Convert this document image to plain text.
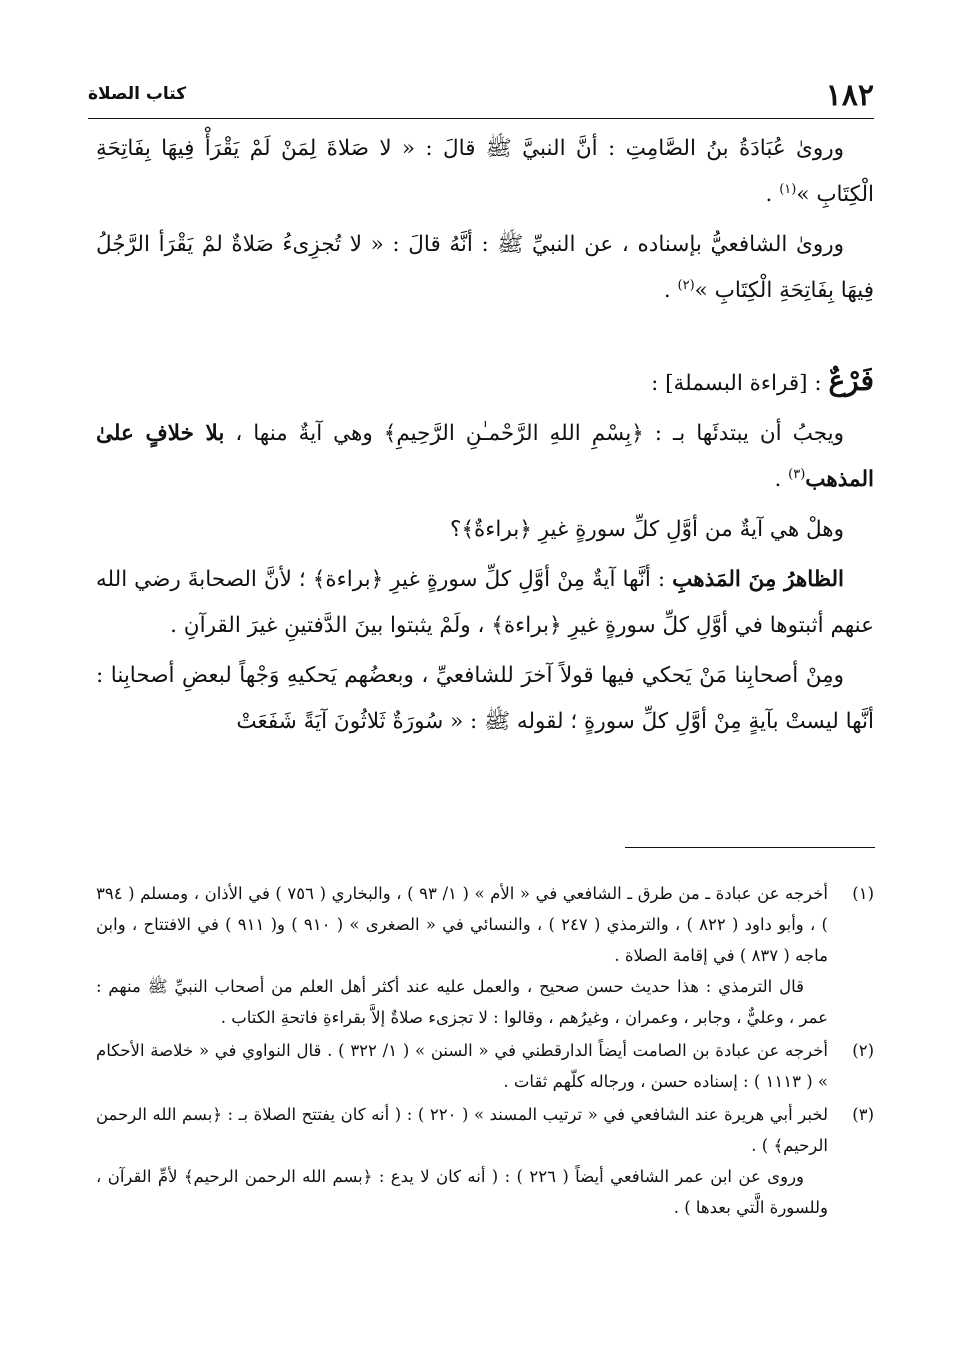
١٨٢
كتاب الصلاة

وروىٰ عُبَادَةُ بنُ الصَّامِتِ : أنَّ النبيَّ ﷺ قالَ : « لا صَلاةَ لِمَنْ لَمْ يَقْرَأْ فِيهَا بِفَاتِحَةِ الْكِتَابِ »$^{(١)}$ .

وروىٰ الشافعيُّ بإسناده ، عن النبيِّ ﷺ : أنَّهُ قالَ : « لا تُجزِىءُ صَلاةٌ لمْ يَقْرَأ الرَّجُلُ فِيهَا بِفَاتِحَةِ الْكِتَابِ »$^{(٢)}$ .

فَرْعٌ : [قراءة البسملة] :

ويجبُ أن يبتدئَها بـ : ﴿بِسْمِ اللهِ الرَّحْمـٰنِ الرَّحِيمِ﴾ وهي آيةٌ منها ، بلا خلافٍ علىٰ المذهب$^{(٣)}$ .

وهلْ هي آيةٌ من أوَّلِ كلِّ سورةٍ غيرِ ﴿براءةٌ﴾؟

الظاهرُ مِنَ المَذهبِ : أنَّها آيةٌ مِنْ أوَّلِ كلِّ سورةٍ غيرِ ﴿براءة﴾ ؛ لأنَّ الصحابةَ رضي الله عنهم أثبتوها في أوَّلِ كلِّ سورةٍ غيرِ ﴿براءة﴾ ، ولَمْ يثبتوا بينَ الدَّفتينِ غيرَ القرآنِ .

ومِنْ أصحابِنا مَنْ يَحكي فيها قولاً آخرَ للشافعيِّ ، وبعضُهم يَحكيهِ وَجْهاً لبعضِ أصحابِنا : أنَّها ليستْ بآيةٍ مِنْ أوَّلِ كلِّ سورةٍ ؛ لقوله ﷺ : « سُورَةٌ ثَلاثُونَ آيَةً شَفَعَتْ

(١)
أخرجه عن عبادة ـ من طرق ـ الشافعي في « الأم » ( ١/ ٩٣ ) ، والبخاري ( ٧٥٦ ) في الأذان ، ومسلم ( ٣٩٤ ) ، وأبو داود ( ٨٢٢ ) ، والترمذي ( ٢٤٧ ) ، والنسائي في « الصغرى » ( ٩١٠ ) و( ٩١١ ) في الافتتاح ، وابن ماجه ( ٨٣٧ ) في إقامة الصلاة .
قال الترمذي : هذا حديث حسن صحيح ، والعمل عليه عند أكثر أهل العلم من أصحاب النبيِّ ﷺ منهم : عمر ، وعليٌّ ، وجابر ، وعمران ، وغيرُهم ، وقالوا : لا تجزىء صلاةٌ إلاَّ بقراءةِ فاتحةِ الكتاب .
(٢)
أخرجه عن عبادة بن الصامت أيضاً الدارقطني في « السنن » ( ١/ ٣٢٢ ) . قال النواوي في « خلاصة الأحكام » ( ١١١٣ ) : إسناده حسن ، ورجاله كلّهم ثقات .
(٣)
لخبر أبي هريرة عند الشافعي في « ترتيب المسند » ( ٢٢٠ ) : ( أنه كان يفتتح الصلاة بـ : ﴿بسم الله الرحمن الرحيم﴾ ) .
وروى عن ابن عمر الشافعي أيضاً ( ٢٢٦ ) : ( أنه كان لا يدع : ﴿بسم الله الرحمن الرحيم﴾ لأمِّ القرآن ، وللسورة الَّتي بعدها ) .
